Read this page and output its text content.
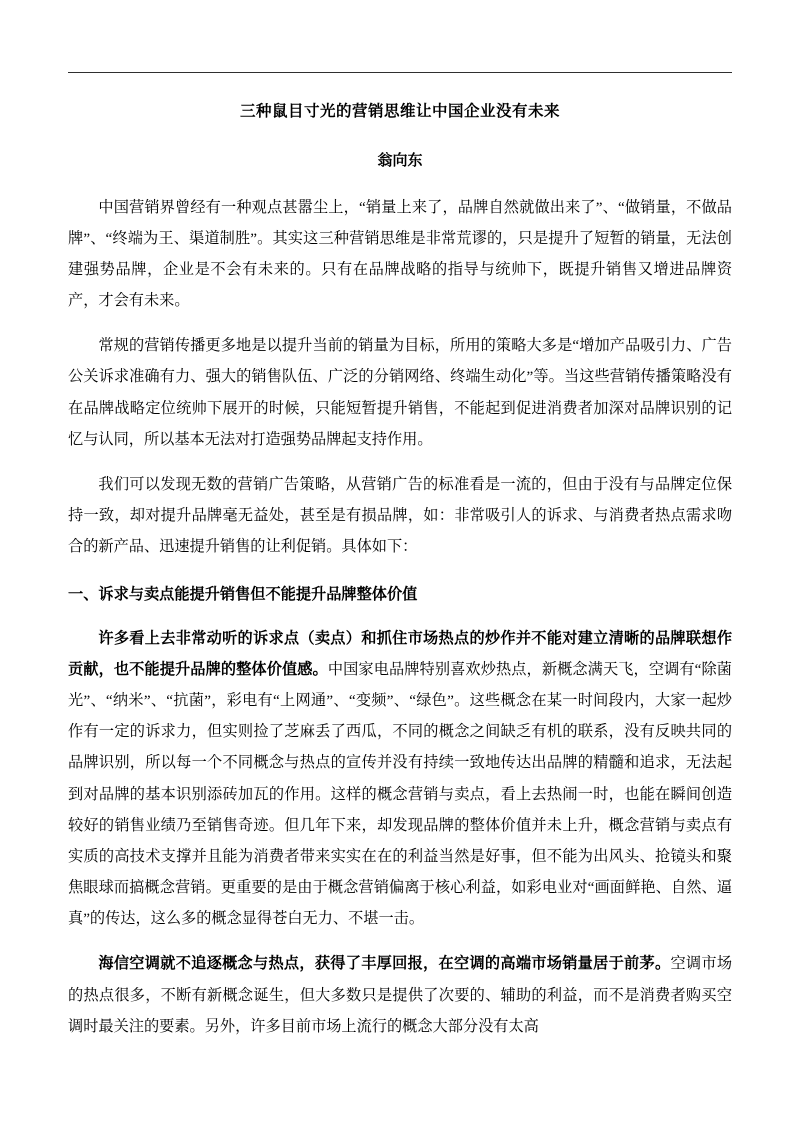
三种鼠目寸光的营销思维让中国企业没有未来
翁向东

中国营销界曾经有一种观点甚嚣尘上，“销量上来了，品牌自然就做出来了”、“做销量，不做品牌”、“终端为王、渠道制胜”。其实这三种营销思维是非常荒谬的，只是提升了短暂的销量，无法创建强势品牌，企业是不会有未来的。只有在品牌战略的指导与统帅下，既提升销售又增进品牌资产，才会有未来。

常规的营销传播更多地是以提升当前的销量为目标，所用的策略大多是“增加产品吸引力、广告公关诉求准确有力、强大的销售队伍、广泛的分销网络、终端生动化”等。当这些营销传播策略没有在品牌战略定位统帅下展开的时候，只能短暂提升销售，不能起到促进消费者加深对品牌识别的记忆与认同，所以基本无法对打造强势品牌起支持作用。

我们可以发现无数的营销广告策略，从营销广告的标准看是一流的，但由于没有与品牌定位保持一致，却对提升品牌毫无益处，甚至是有损品牌，如：非常吸引人的诉求、与消费者热点需求吻合的新产品、迅速提升销售的让利促销。具体如下：

一、诉求与卖点能提升销售但不能提升品牌整体价值

许多看上去非常动听的诉求点（卖点）和抓住市场热点的炒作并不能对建立清晰的品牌联想作贡献，也不能提升品牌的整体价值感。中国家电品牌特别喜欢炒热点，新概念满天飞，空调有“除菌光”、“纳米”、“抗菌”，彩电有“上网通”、“变频”、“绿色”。这些概念在某一时间段内，大家一起炒作有一定的诉求力，但实则捡了芝麻丢了西瓜，不同的概念之间缺乏有机的联系，没有反映共同的品牌识别，所以每一个不同概念与热点的宣传并没有持续一致地传达出品牌的精髓和追求，无法起到对品牌的基本识别添砖加瓦的作用。这样的概念营销与卖点，看上去热闹一时，也能在瞬间创造较好的销售业绩乃至销售奇迹。但几年下来，却发现品牌的整体价值并未上升，概念营销与卖点有实质的高技术支撑并且能为消费者带来实实在在的利益当然是好事，但不能为出风头、抢镜头和聚焦眼球而搞概念营销。更重要的是由于概念营销偏离于核心利益，如彩电业对“画面鲜艳、自然、逼真”的传达，这么多的概念显得苍白无力、不堪一击。

海信空调就不追逐概念与热点，获得了丰厚回报，在空调的高端市场销量居于前茅。空调市场的热点很多，不断有新概念诞生，但大多数只是提供了次要的、辅助的利益，而不是消费者购买空调时最关注的要素。另外，许多目前市场上流行的概念大部分没有太高
